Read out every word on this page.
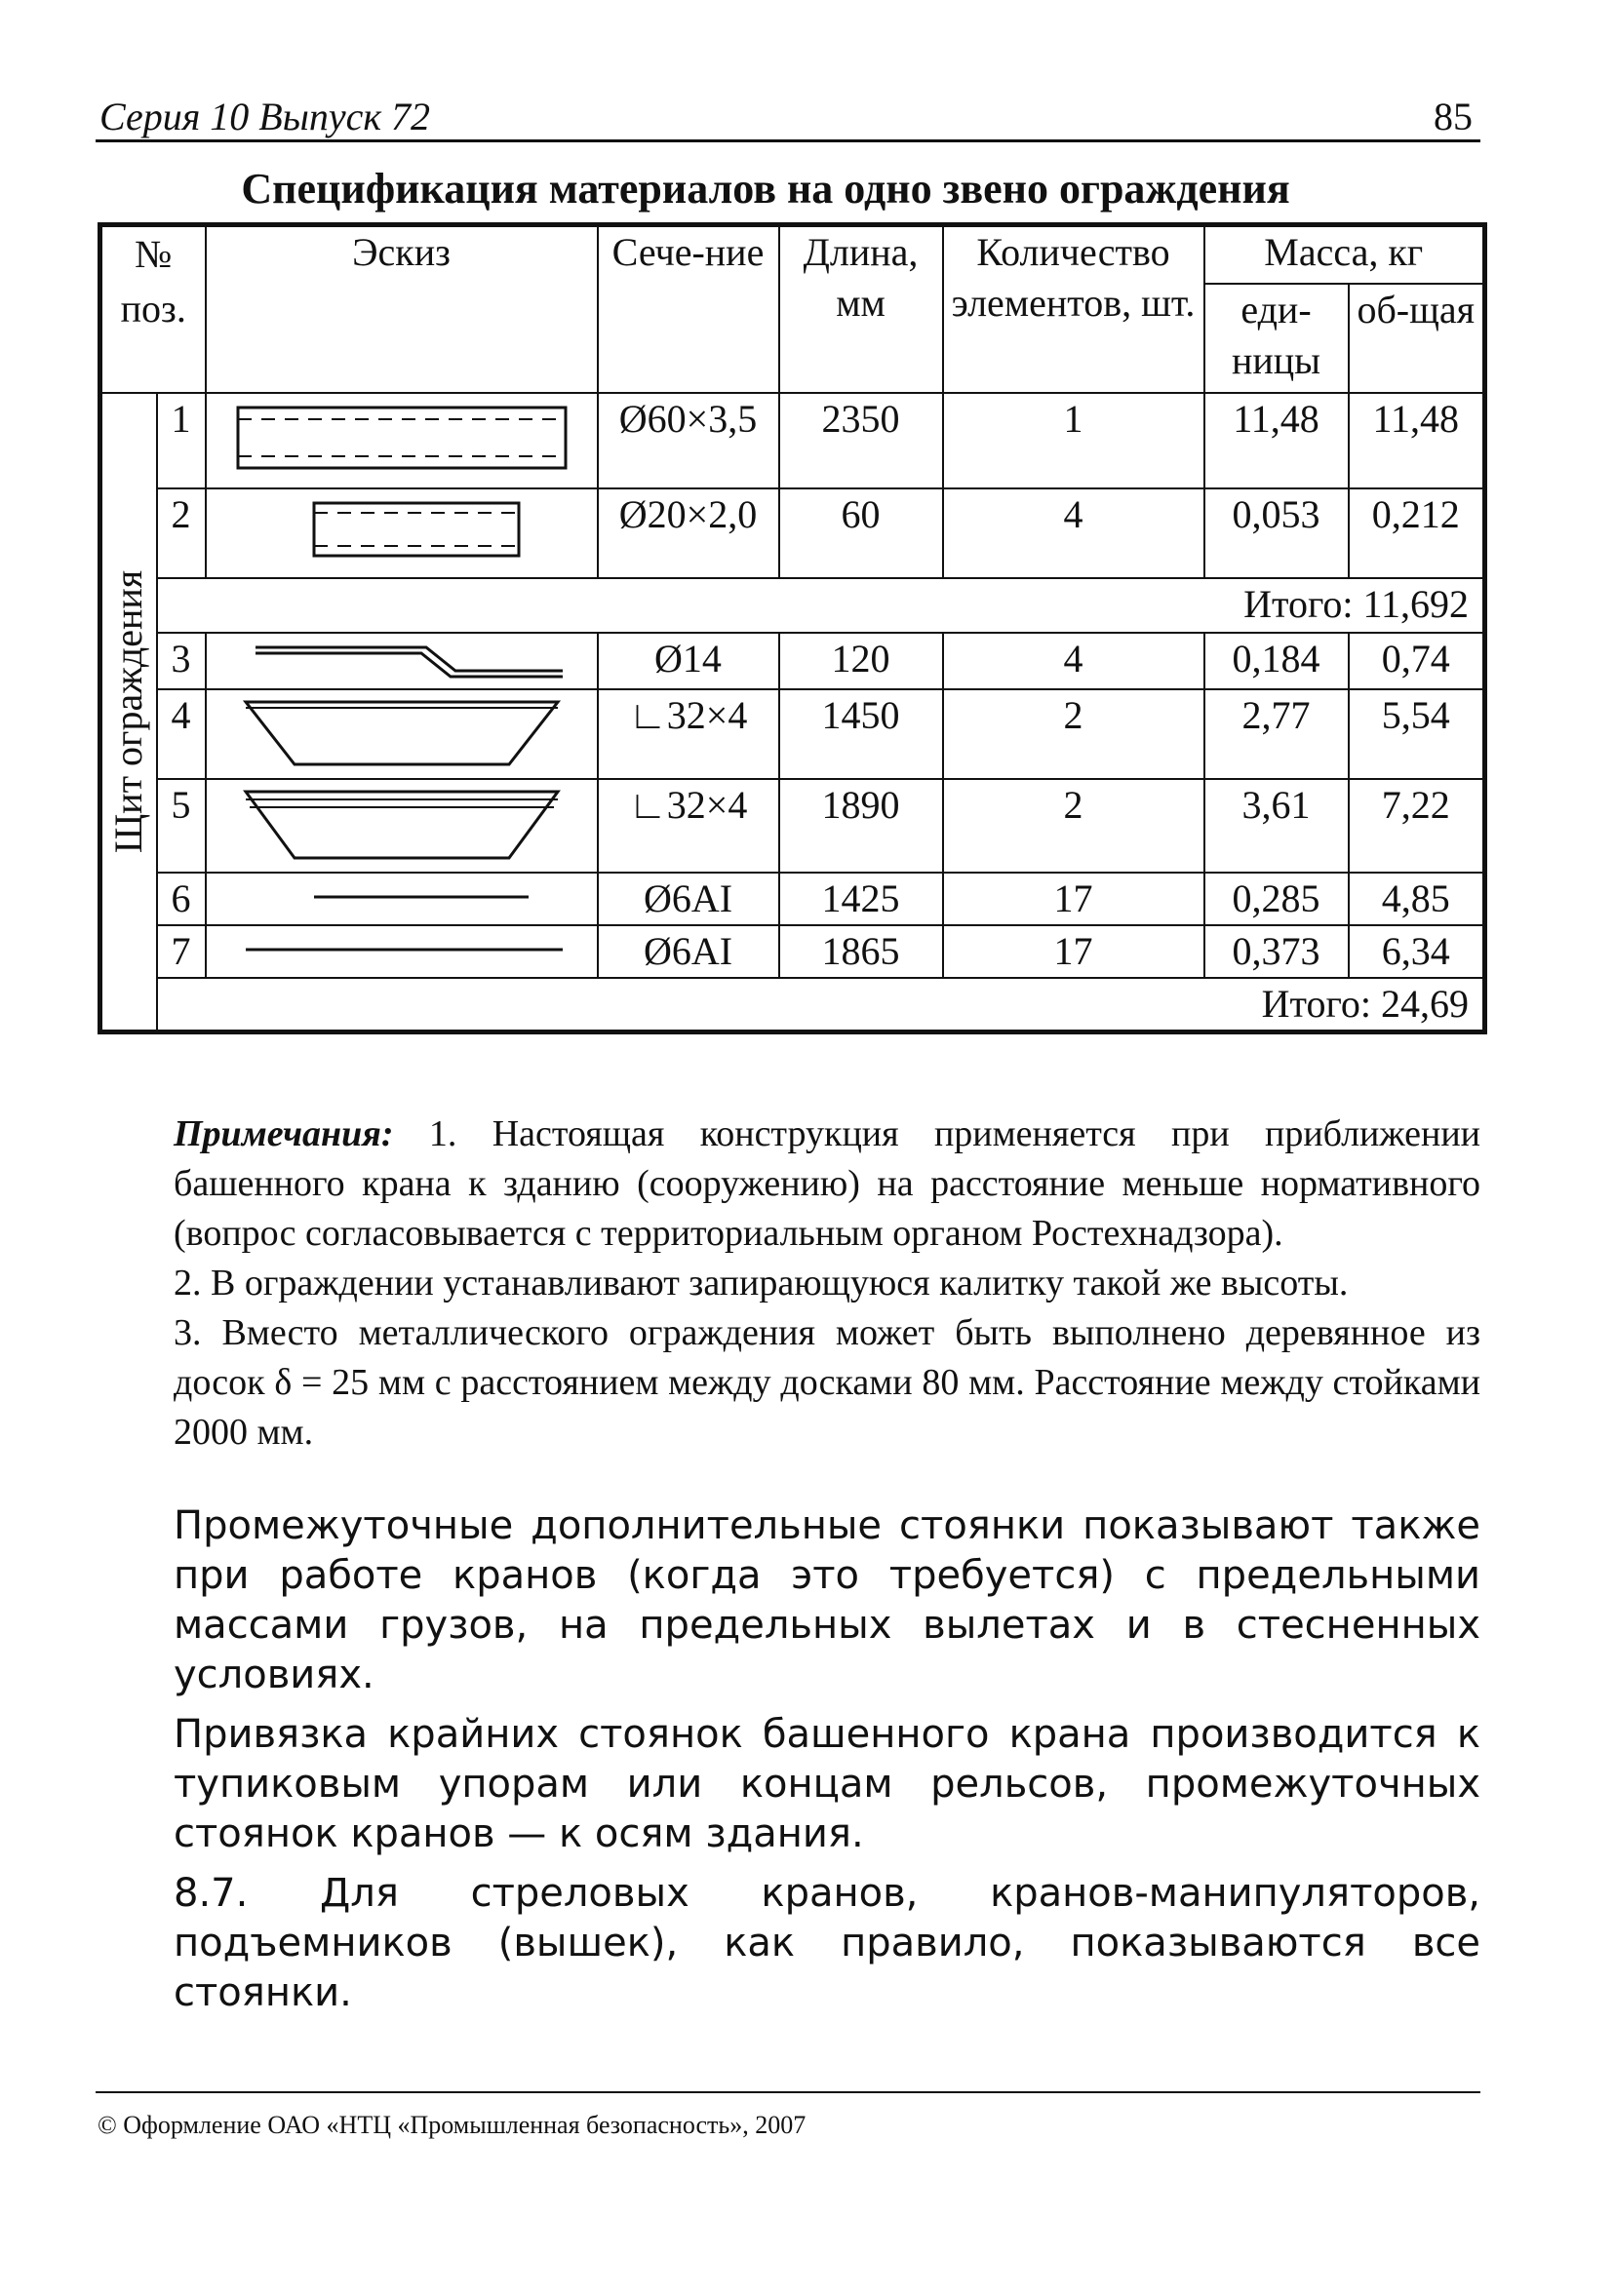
Серия 10 Выпуск 72	85
Спецификация материалов на одно звено ограждения
№ поз.		Эскиз	Сече-ние	Длина, мм	Количество элементов, шт.	Масса, кг	
						еди-ницы	об-щая

Щит ограждения	1		Ø60×3,5	2350	1	11,48	11,48
	2		Ø20×2,0	60	4	0,053	0,212
	Итого: 11,692						
	3		Ø14	120	4	0,184	0,74
	4		∟32×4	1450	2	2,77	5,54
	5		∟32×4	1890	2	3,61	7,22
	6		Ø6АI	1425	17	0,285	4,85
	7		Ø6АI	1865	17	0,373	6,34
	Итого: 24,69						

Примечания: 1. Настоящая конструкция применяется при приближении башенного крана к зданию (сооружению) на расстояние меньше нормативного (вопрос согласовывается с территориальным органом Ростехнадзора).

2. В ограждении устанавливают запирающуюся калитку такой же высоты.

3. Вместо металлического ограждения может быть выполнено деревянное из досок δ = 25 мм с расстоянием между досками 80 мм. Расстояние между стойками 2000 мм.

Промежуточные дополнительные стоянки показывают также при работе кранов (когда это требуется) с предельными массами грузов, на предельных вылетах и в стесненных условиях.

Привязка крайних стоянок башенного крана производится к тупиковым упорам или концам рельсов, промежуточных стоянок кранов — к осям здания.

8.7. Для стреловых кранов, кранов-манипуляторов, подъемников (вышек), как правило, показываются все стоянки.

© Оформление ОАО «НТЦ «Промышленная безопасность», 2007
